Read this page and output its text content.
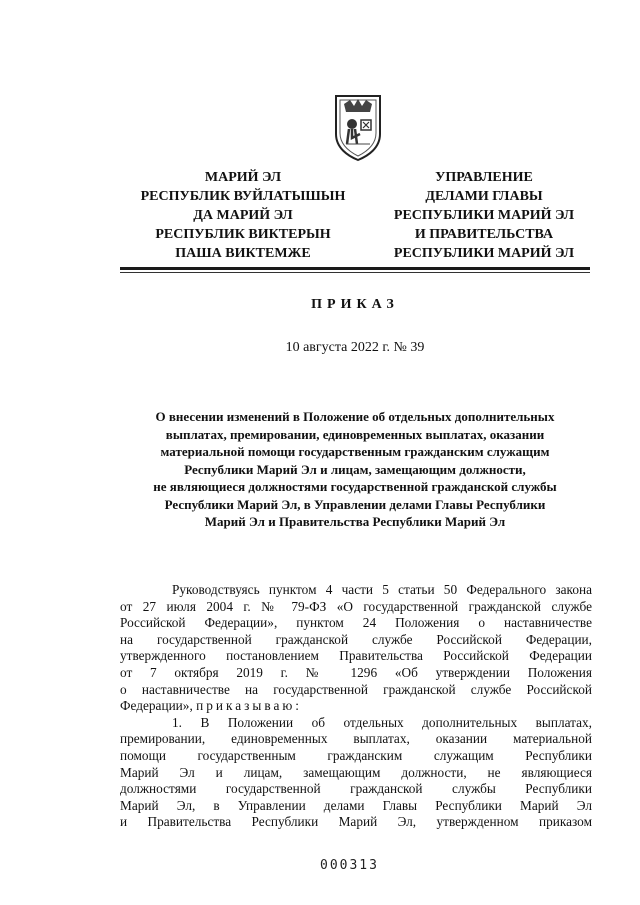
МАРИЙ ЭЛ
РЕСПУБЛИК ВУЙЛАТЫШЫН
ДА МАРИЙ ЭЛ
РЕСПУБЛИК ВИКТЕРЫН
ПАША ВИКТЕМЖЕ
УПРАВЛЕНИЕ
ДЕЛАМИ ГЛАВЫ
РЕСПУБЛИКИ МАРИЙ ЭЛ
И ПРАВИТЕЛЬСТВА
РЕСПУБЛИКИ МАРИЙ ЭЛ
ПРИКАЗ
10 августа 2022 г. № 39
О внесении изменений в Положение об отдельных дополнительных
выплатах, премировании, единовременных выплатах, оказании
материальной помощи государственным гражданским служащим
Республики Марий Эл и лицам, замещающим должности,
не являющиеся должностями государственной гражданской службы
Республики Марий Эл, в Управлении делами Главы Республики
Марий Эл и Правительства Республики Марий Эл
Руководствуясь пунктом 4 части 5 статьи 50 Федерального закона
от 27 июля 2004 г. № 79-ФЗ «О государственной гражданской службе
Российской Федерации», пунктом 24 Положения о наставничестве
на государственной гражданской службе Российской Федерации,
утвержденного постановлением Правительства Российской Федерации
от 7 октября 2019 г. № 1296 «Об утверждении Положения
о наставничестве на государственной гражданской службе Российской
Федерации», приказываю:
1. В Положении об отдельных дополнительных выплатах,
премировании, единовременных выплатах, оказании материальной
помощи государственным гражданским служащим Республики
Марий Эл и лицам, замещающим должности, не являющиеся
должностями государственной гражданской службы Республики
Марий Эл, в Управлении делами Главы Республики Марий Эл
и Правительства Республики Марий Эл, утвержденном приказом
000313
